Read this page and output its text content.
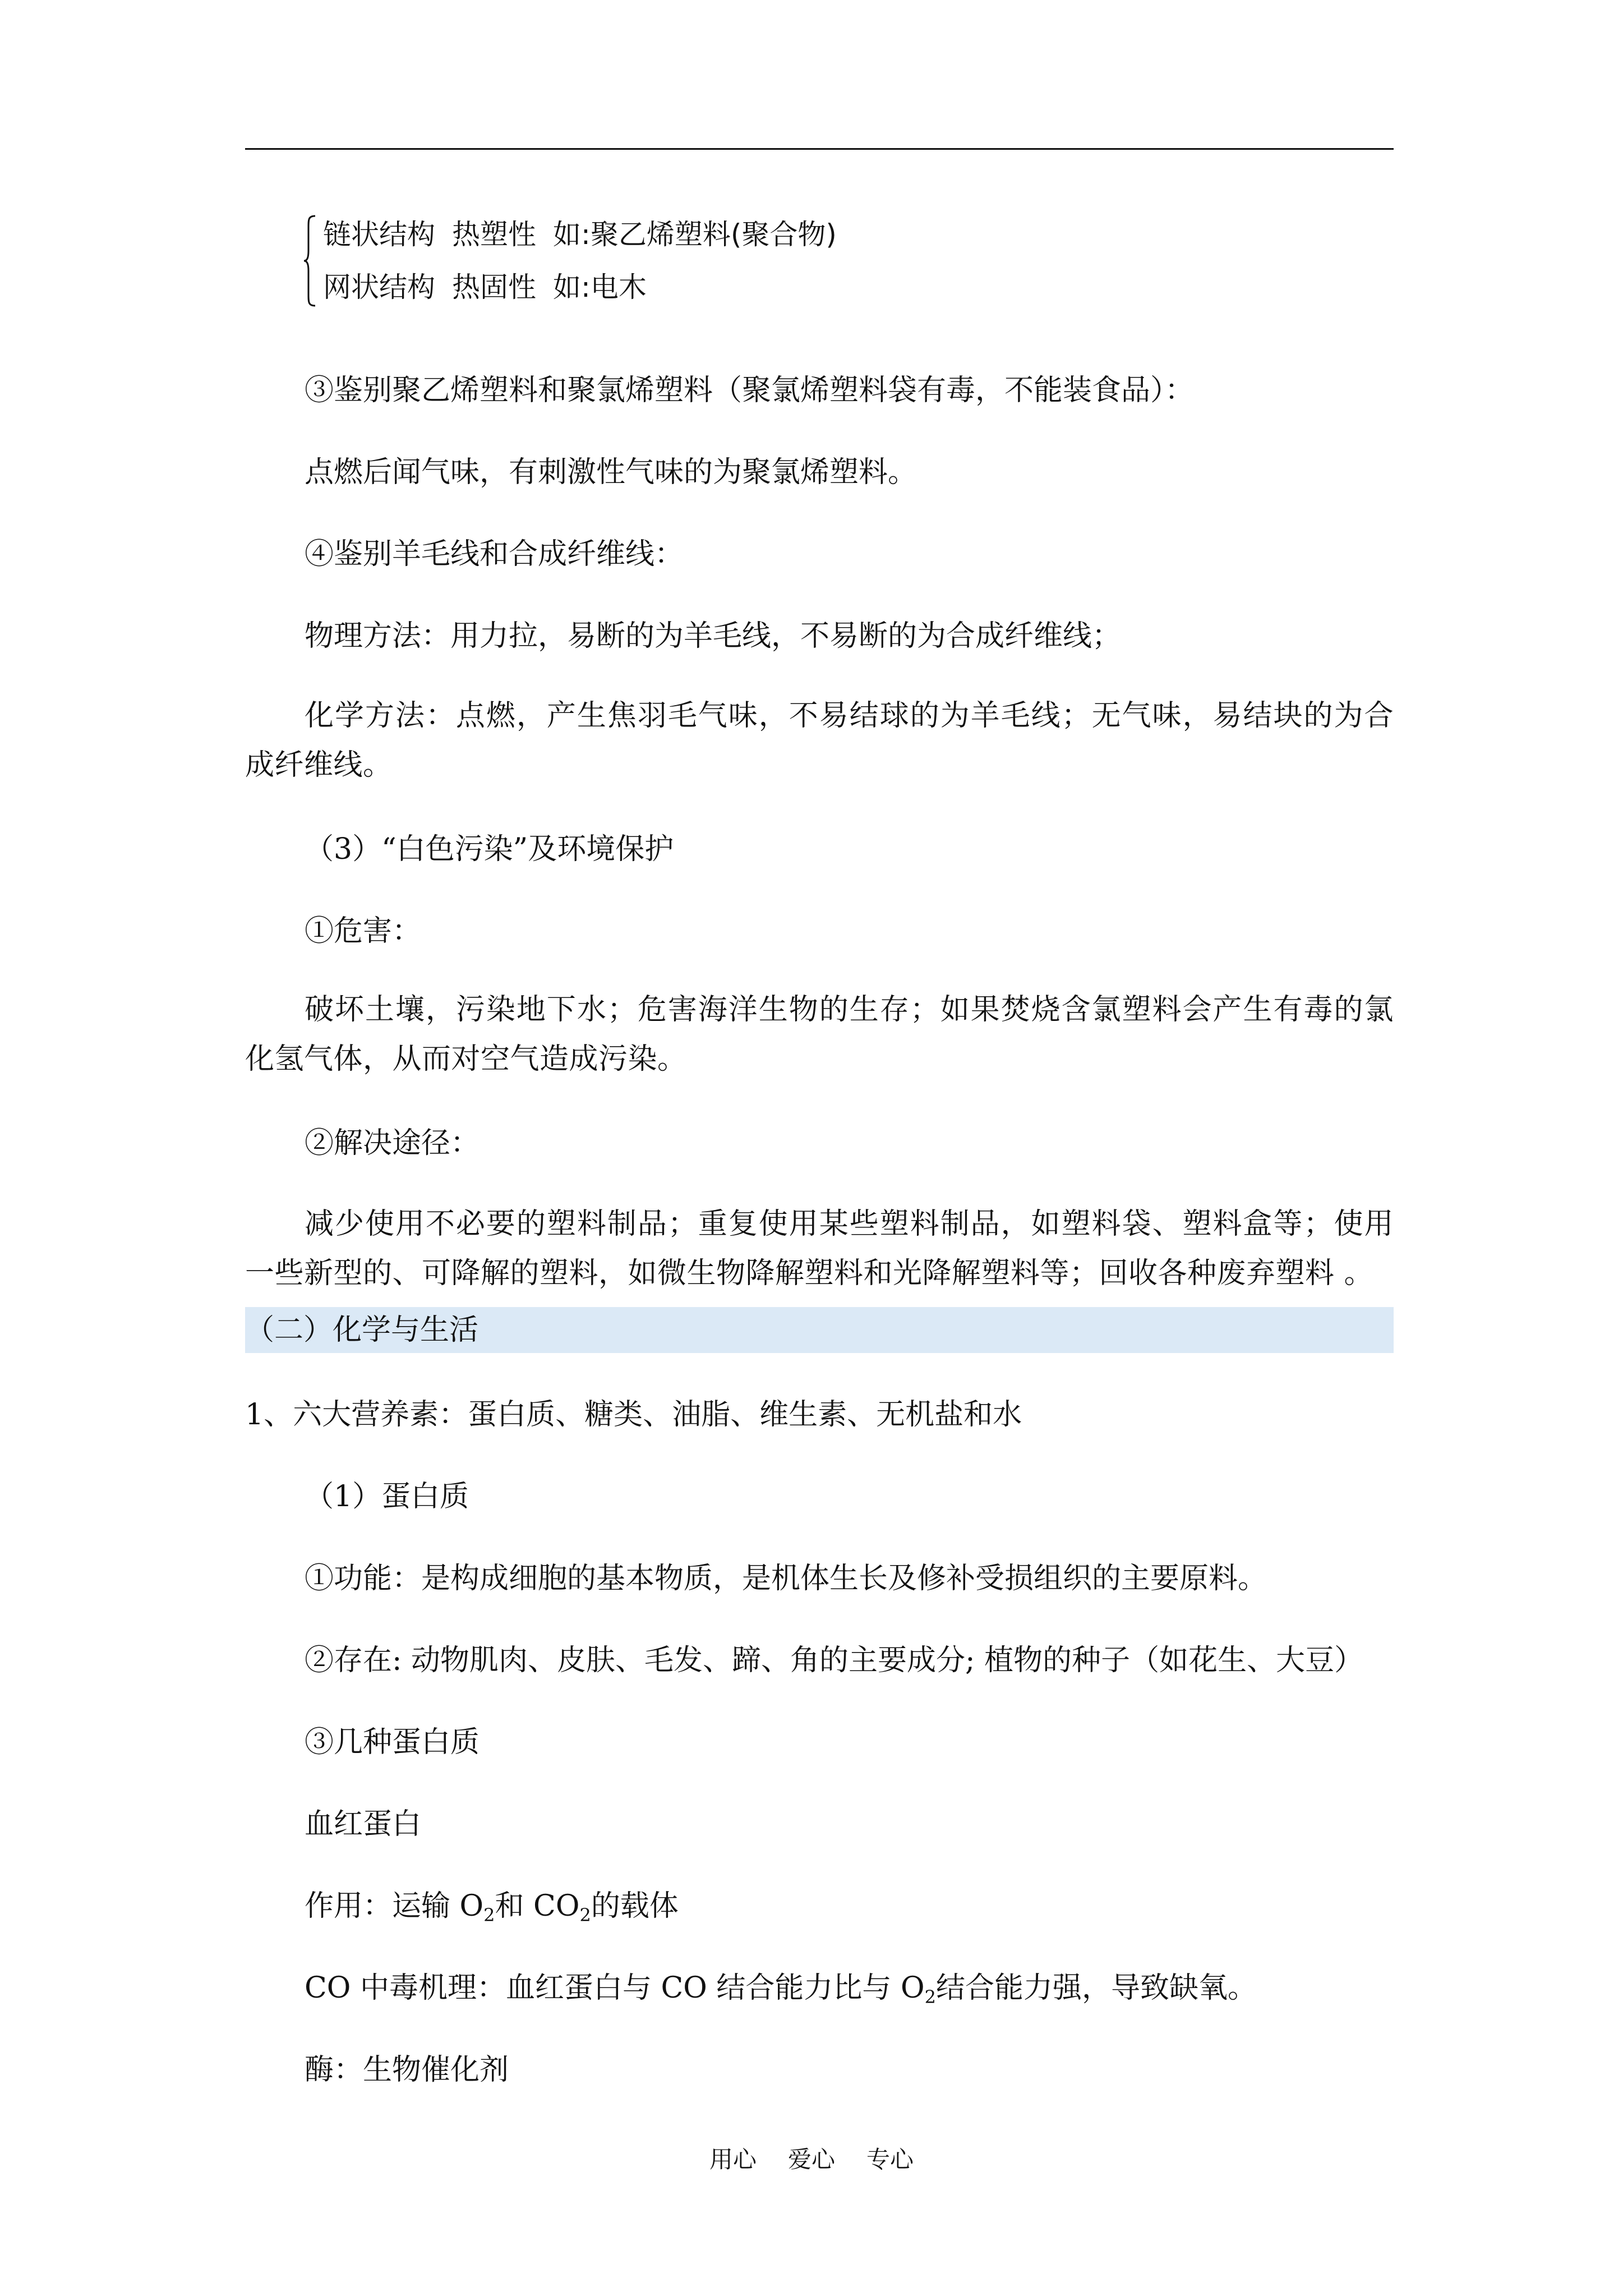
链状结构 热塑性 如:聚乙烯塑料(聚合物)
网状结构 热固性 如:电木

③鉴别聚乙烯塑料和聚氯烯塑料（聚氯烯塑料袋有毒，不能装食品）：

点燃后闻气味，有刺激性气味的为聚氯烯塑料。

④鉴别羊毛线和合成纤维线：

物理方法：用力拉，易断的为羊毛线，不易断的为合成纤维线；

化学方法：点燃，产生焦羽毛气味，不易结球的为羊毛线；无气味，易结块的为合成纤维线。

（3）“白色污染”及环境保护

①危害：

破坏土壤，污染地下水；危害海洋生物的生存；如果焚烧含氯塑料会产生有毒的氯化氢气体，从而对空气造成污染。

②解决途径：

减少使用不必要的塑料制品；重复使用某些塑料制品，如塑料袋、塑料盒等；使用一些新型的、可降解的塑料，如微生物降解塑料和光降解塑料等；回收各种废弃塑料 。

（二）化学与生活

1、六大营养素：蛋白质、糖类、油脂、维生素、无机盐和水

（1）蛋白质

①功能：是构成细胞的基本物质，是机体生长及修补受损组织的主要原料。

②存在: 动物肌肉、皮肤、毛发、蹄、角的主要成分; 植物的种子（如花生、大豆）

③几种蛋白质

血红蛋白

作用：运输 $O_2$和 $CO_2$的载体

CO 中毒机理：血红蛋白与 CO 结合能力比与 $O_2$结合能力强，导致缺氧。

酶：生物催化剂

用心 爱心 专心
